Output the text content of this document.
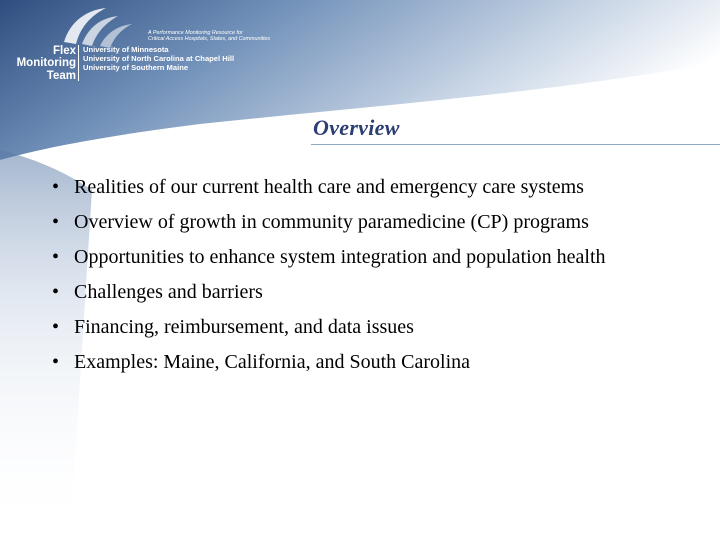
A Performance Monitoring Resource for
Critical Access Hospitals, States, and Communities
Flex
Monitoring
Team
University of Minnesota
University of North Carolina at Chapel Hill
University of Southern Maine
Overview
• Realities of our current health care and emergency care systems
• Overview of growth in community paramedicine (CP) programs
• Opportunities to enhance system integration and population health
• Challenges and barriers
• Financing, reimbursement, and data issues
• Examples: Maine, California, and South Carolina
